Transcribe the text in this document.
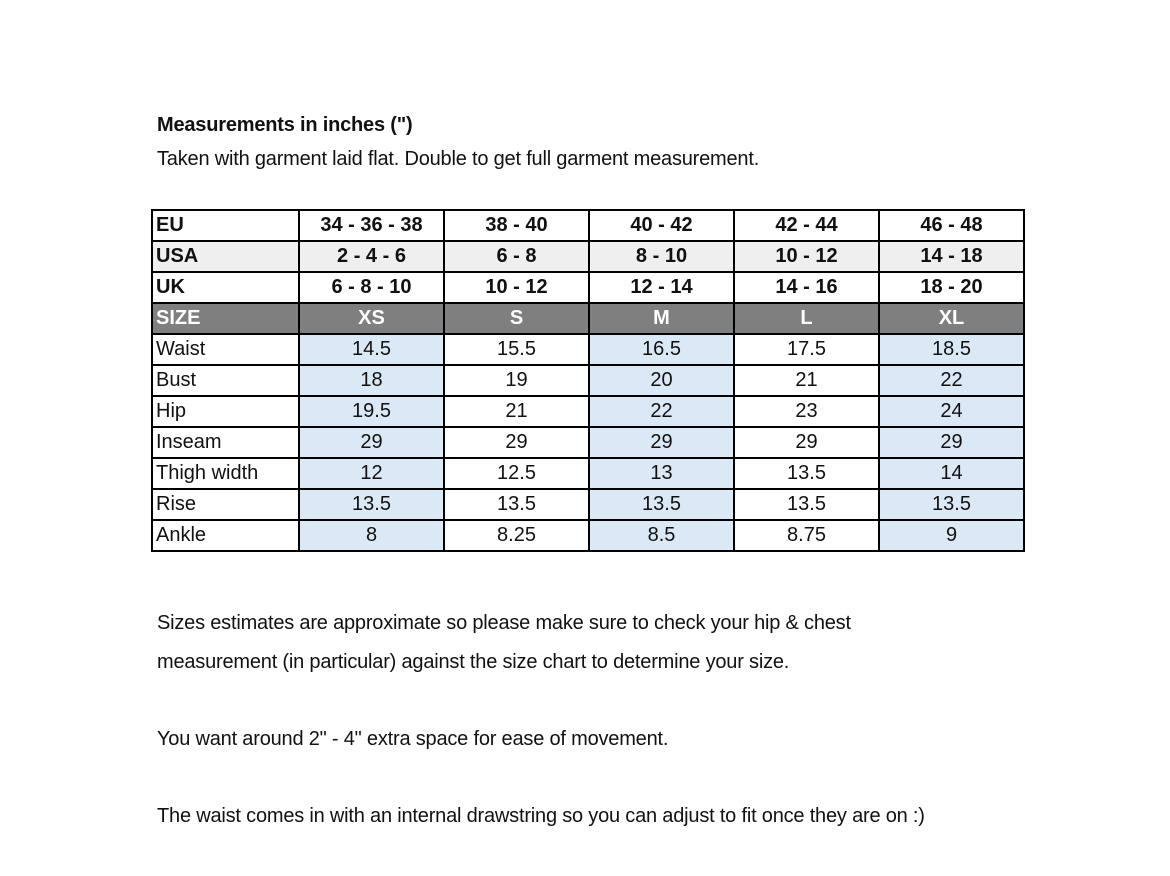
Measurements in inches (")
Taken with garment laid flat. Double to get full garment measurement.
EU	34 - 36 - 38	38 - 40	40 - 42	42 - 44	46 - 48
USA	2 - 4 - 6	6 - 8	8 - 10	10 - 12	14 - 18
UK	6 - 8 - 10	10 - 12	12 - 14	14 - 16	18 - 20
SIZE	XS	S	M	L	XL
Waist	14.5	15.5	16.5	17.5	18.5
Bust	18	19	20	21	22
Hip	19.5	21	22	23	24
Inseam	29	29	29	29	29
Thigh width	12	12.5	13	13.5	14
Rise	13.5	13.5	13.5	13.5	13.5
Ankle	8	8.25	8.5	8.75	9
Sizes estimates are approximate so please make sure to check your hip & chest
measurement (in particular) against the size chart to determine your size.
You want around 2" - 4" extra space for ease of movement.
The waist comes in with an internal drawstring so you can adjust to fit once they are on :)
